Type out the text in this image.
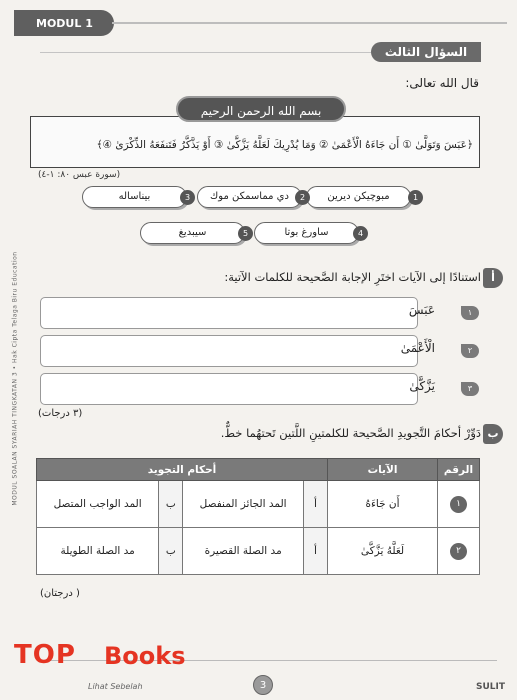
MODUL 1
MODUL SOALAN SYARIAH TINGKATAN 3 • Hak Cipta Telaga Biru Education
السؤال الثالث
قال الله تعالى:
﴿عَبَسَ وَتَوَلَّىٰ ① أَن جَاءَهُ الْأَعْمَىٰ ② وَمَا يُدْرِيكَ لَعَلَّهُ يَزَّكَّىٰ ③ أَوْ يَذَّكَّرُ فَتَنفَعَهُ الذِّكْرَىٰ ④﴾
بسم الله الرحمن الرحيم
(سورة عبس ٨٠: ١-٤)
مبوچيكن ديرين	1
دي مماسمكن موك	2
بيناساله	3
ساورغ بوتا	4
سيبديغ	5
أ
استنادًا إلى الآيات اختَرِ الإجابة الصَّحيحة للكلمات الآتية:
عَبَسَ	١
الْأَعْمَىٰ	٢
يَزَّكَّىٰ	٣
(٣ درجات)
ب
دَوِّرْ أحكامَ التَّجويدِ الصَّحيحة للكلمتينِ اللَّتين تَحتهُما خطٌّ.
الرقم	الآيات	أحكام التجويد			
١	أَن جَاءَهُ	أ	المد الجائز المنفصل	ب	المد الواجب المتصل
٢	لَعَلَّهُ يَزَّكَّىٰ	أ	مد الصلة القصيرة	ب	مد الصلة الطويلة
( درجتان)
TOP Books
Lihat Sebelah	3	SULIT
